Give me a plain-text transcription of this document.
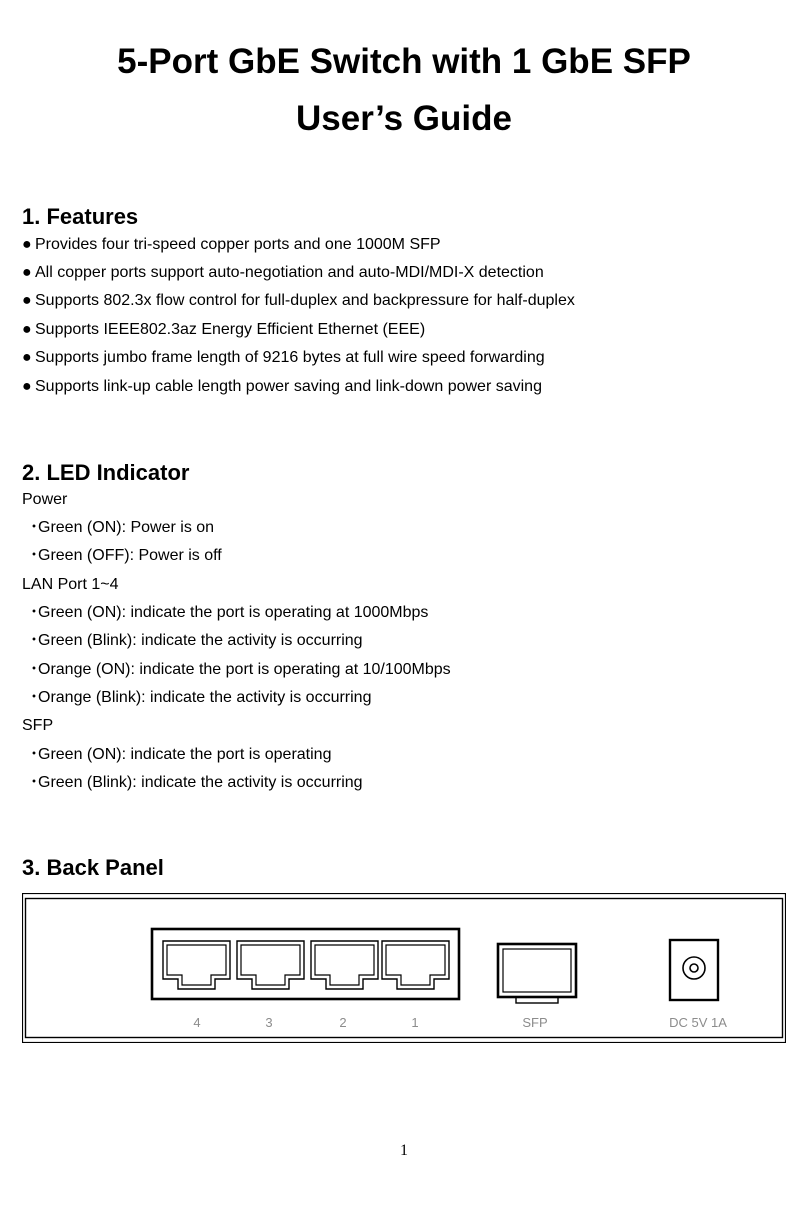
5-Port GbE Switch with 1 GbE SFP
User’s Guide
1. Features
● Provides four tri-speed copper ports and one 1000M SFP
● All copper ports support auto-negotiation and auto-MDI/MDI-X detection
● Supports 802.3x flow control for full-duplex and backpressure for half-duplex
● Supports IEEE802.3az Energy Efficient Ethernet (EEE)
● Supports jumbo frame length of 9216 bytes at full wire speed forwarding
● Supports link-up cable length power saving and link-down power saving
2. LED Indicator
Power
・Green (ON): Power is on
・Green (OFF): Power is off
LAN Port 1~4
・Green (ON): indicate the port is operating at 1000Mbps
・Green (Blink): indicate the activity is occurring
・Orange (ON): indicate the port is operating at 10/100Mbps
・Orange (Blink): indicate the activity is occurring
SFP
・Green (ON): indicate the port is operating
・Green (Blink): indicate the activity is occurring
3. Back Panel
4	3	2	1	SFP	DC 5V 1A
1
